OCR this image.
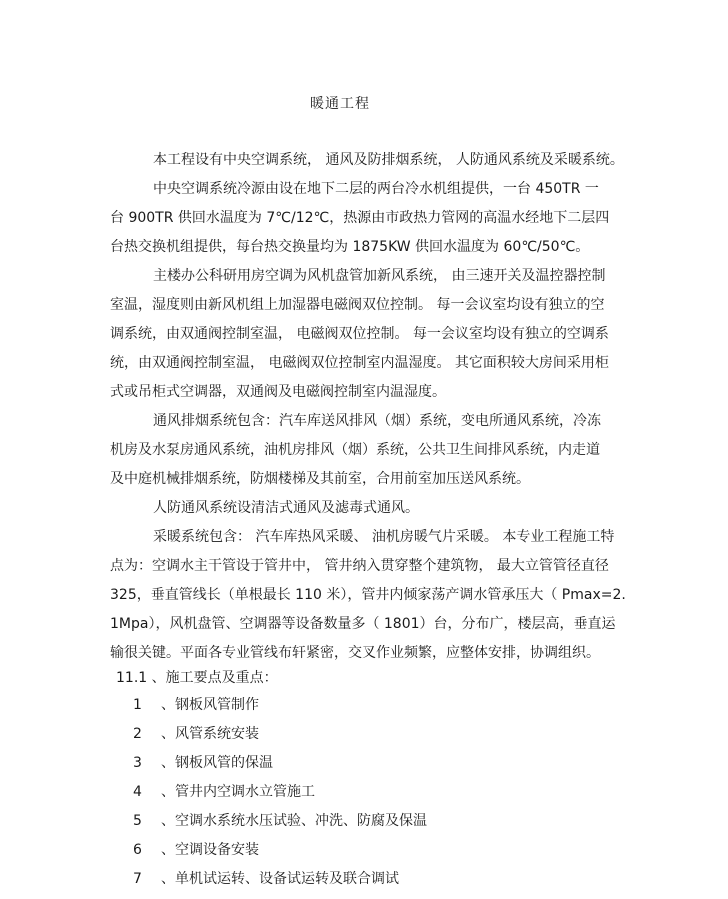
暖通工程

本工程设有中央空调系统， 通风及防排烟系统， 人防通风系统及采暖系统。

中央空调系统冷源由设在地下二层的两台冷水机组提供，一台 450TR 一
台 900TR 供回水温度为 7℃/12℃，热源由市政热力管网的高温水经地下二层四
台热交换机组提供，每台热交换量均为 1875KW 供回水温度为 60℃/50℃。

主楼办公科研用房空调为风机盘管加新风系统， 由三速开关及温控器控制
室温，湿度则由新风机组上加湿器电磁阀双位控制。 每一会议室均设有独立的空
调系统，由双通阀控制室温， 电磁阀双位控制。 每一会议室均设有独立的空调系
统，由双通阀控制室温， 电磁阀双位控制室内温湿度。 其它面积较大房间采用柜
式或吊柜式空调器，双通阀及电磁阀控制室内温湿度。

通风排烟系统包含：汽车库送风排风（烟）系统，变电所通风系统，冷冻
机房及水泵房通风系统，油机房排风（烟）系统，公共卫生间排风系统，内走道
及中庭机械排烟系统，防烟楼梯及其前室，合用前室加压送风系统。

人防通风系统设清洁式通风及滤毒式通风。

采暖系统包含： 汽车库热风采暖、 油机房暖气片采暖。 本专业工程施工特
点为：空调水主干管设于管井中， 管井纳入贯穿整个建筑物， 最大立管管径直径
325，垂直管线长（单根最长 110 米），管井内倾家荡产调水管承压大（ Pmax=2.
1Mpa），风机盘管、空调器等设备数量多（ 1801）台，分布广，楼层高，垂直运
输很关键。平面各专业管线布轩紧密，交叉作业频繁，应整体安排，协调组织。

11.1 、施工要点及重点：
1	、钢板风管制作
2	、风管系统安装
3	、钢板风管的保温
4	、管井内空调水立管施工
5	、空调水系统水压试验、冲洗、防腐及保温
6	、空调设备安装
7	、单机试运转、设备试运转及联合调试
